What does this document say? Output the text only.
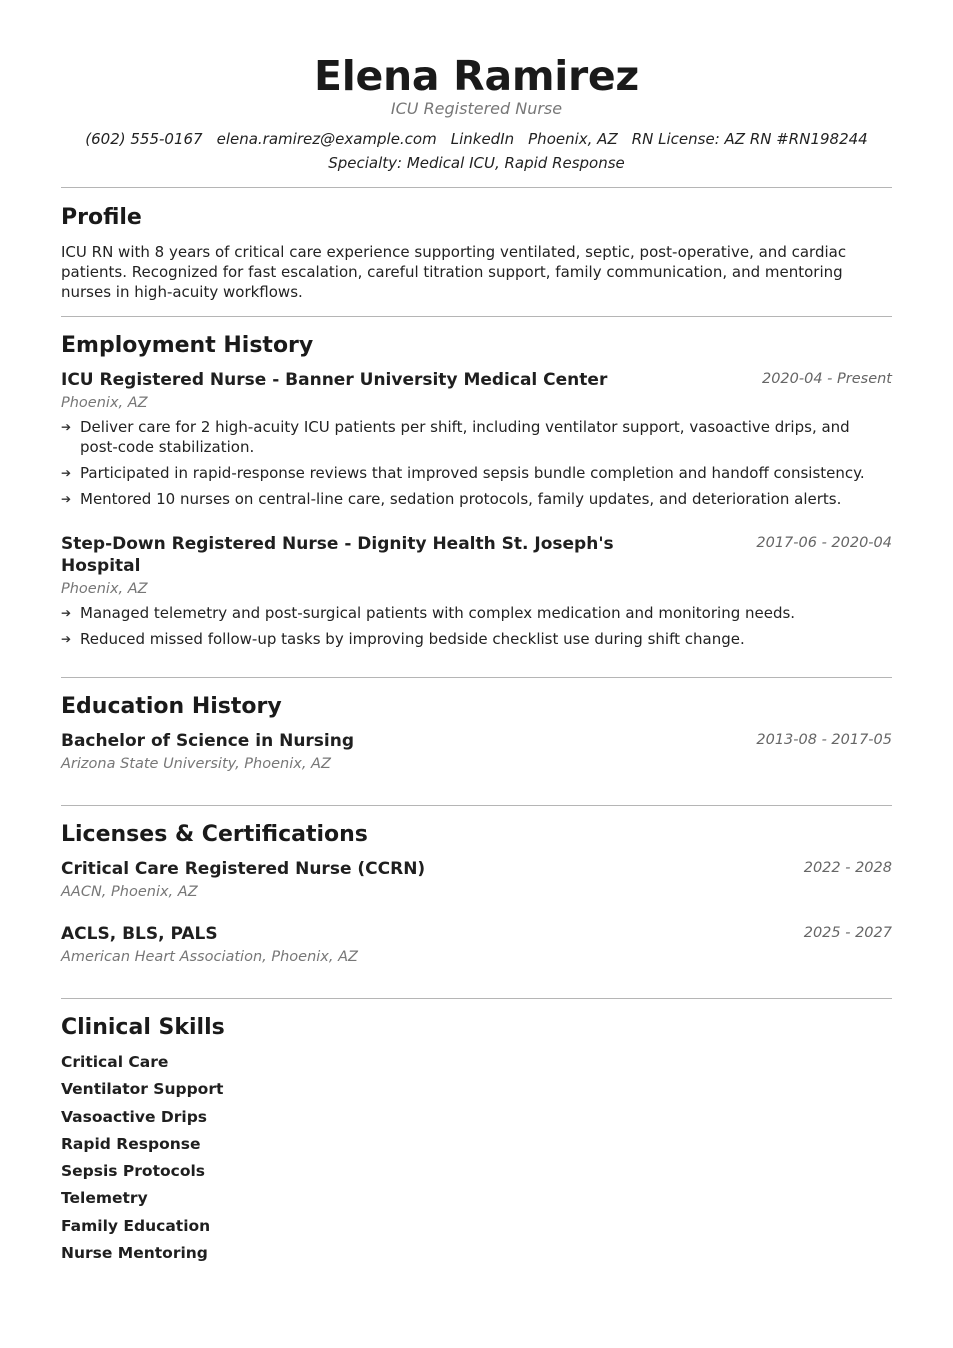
Elena Ramirez
ICU Registered Nurse
(602) 555-0167 elena.ramirez@example.com LinkedIn Phoenix, AZ RN License: AZ RN #RN198244
Specialty: Medical ICU, Rapid Response
Profile
ICU RN with 8 years of critical care experience supporting ventilated, septic, post-operative, and cardiac patients. Recognized for fast escalation, careful titration support, family communication, and mentoring nurses in high-acuity workflows.
Employment History
ICU Registered Nurse - Banner University Medical Center	2020-04 - Present
Phoenix, AZ
➔ Deliver care for 2 high-acuity ICU patients per shift, including ventilator support, vasoactive drips, and post-code stabilization.
➔ Participated in rapid-response reviews that improved sepsis bundle completion and handoff consistency.
➔ Mentored 10 nurses on central-line care, sedation protocols, family updates, and deterioration alerts.
Step-Down Registered Nurse - Dignity Health St. Joseph's Hospital
2017-06 - 2020-04
Phoenix, AZ
➔ Managed telemetry and post-surgical patients with complex medication and monitoring needs.
➔ Reduced missed follow-up tasks by improving bedside checklist use during shift change.
Education History
Bachelor of Science in Nursing	2013-08 - 2017-05
Arizona State University, Phoenix, AZ
Licenses & Certifications
Critical Care Registered Nurse (CCRN)	2022 - 2028
AACN, Phoenix, AZ
ACLS, BLS, PALS	2025 - 2027
American Heart Association, Phoenix, AZ
Clinical Skills
Critical Care
Ventilator Support
Vasoactive Drips
Rapid Response
Sepsis Protocols
Telemetry
Family Education
Nurse Mentoring
